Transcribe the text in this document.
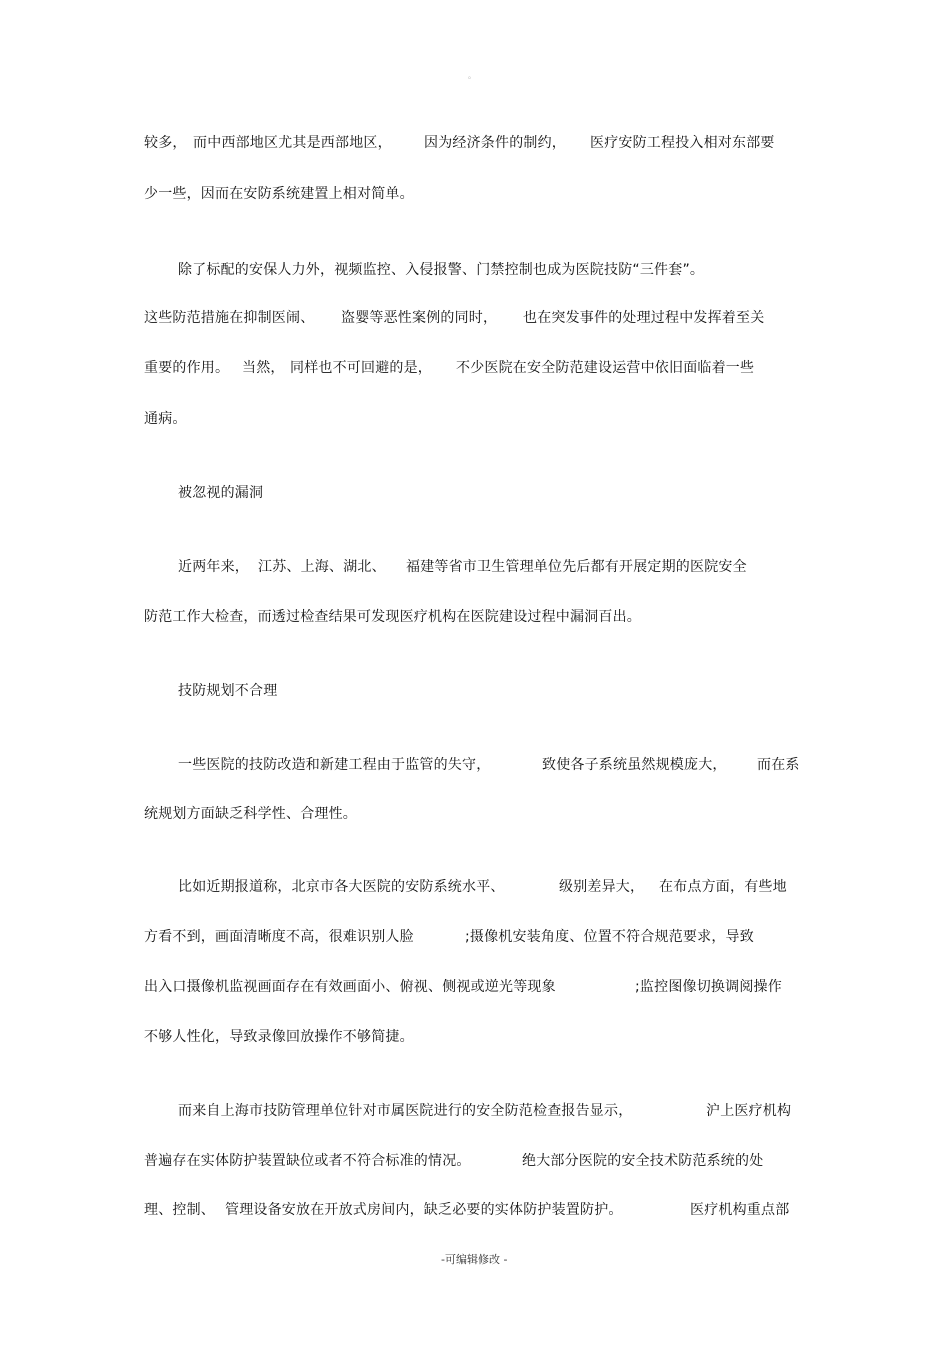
。
较多， 而中西部地区尤其是西部地区， 因为经济条件的制约， 医疗安防工程投入相对东部要
少一些，因而在安防系统建置上相对简单。
除了标配的安保人力外，视频监控、入侵报警、门禁控制也成为医院技防“三件套”。
这些防范措施在抑制医闹、 盗婴等恶性案例的同时， 也在突发事件的处理过程中发挥着至关
重要的作用。 当然， 同样也不可回避的是， 不少医院在安全防范建设运营中依旧面临着一些
通病。
被忽视的漏洞
近两年来， 江苏、上海、湖北、 福建等省市卫生管理单位先后都有开展定期的医院安全
防范工作大检查，而透过检查结果可发现医疗机构在医院建设过程中漏洞百出。
技防规划不合理
一些医院的技防改造和新建工程由于监管的失守，	致使各子系统虽然规模庞大， 而在系
统规划方面缺乏科学性、合理性。
比如近期报道称，北京市各大医院的安防系统水平、	级别差异大， 在布点方面，有些地
方看不到，画面清晰度不高，很难识别人脸	;摄像机安装角度、位置不符合规范要求，导致
出入口摄像机监视画面存在有效画面小、俯视、侧视或逆光等现象	;监控图像切换调阅操作
不够人性化，导致录像回放操作不够简捷。
而来自上海市技防管理单位针对市属医院进行的安全防范检查报告显示，	沪上医疗机构
普遍存在实体防护装置缺位或者不符合标准的情况。	绝大部分医院的安全技术防范系统的处
理、控制、 管理设备安放在开放式房间内，缺乏必要的实体防护装置防护。	医疗机构重点部
-可编辑修改 -
